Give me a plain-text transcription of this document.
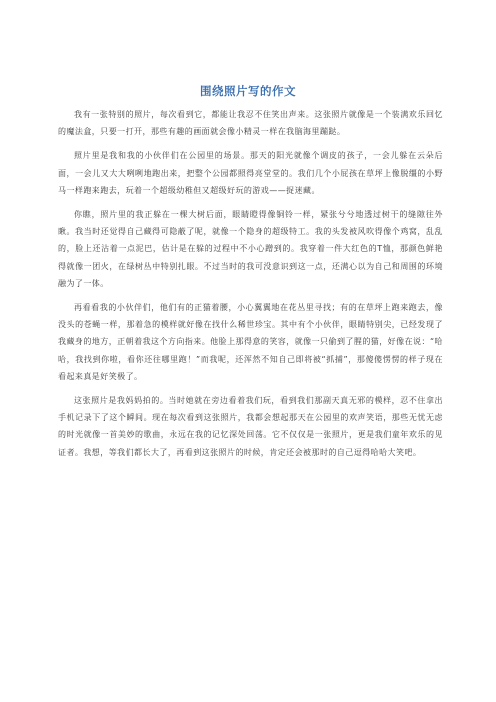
围绕照片写的作文

我有一张特别的照片，每次看到它，都能让我忍不住笑出声来。这张照片就像是一个装满欢乐回忆的魔法盒，只要一打开，那些有趣的画面就会像小精灵一样在我脑海里蹦跶。

照片里是我和我的小伙伴们在公园里的场景。那天的阳光就像个调皮的孩子，一会儿躲在云朵后面，一会儿又大大咧咧地跑出来，把整个公园都照得亮堂堂的。我们几个小屁孩在草坪上像脱缰的小野马一样跑来跑去，玩着一个超级幼稚但又超级好玩的游戏——捉迷藏。

你瞧，照片里的我正躲在一棵大树后面，眼睛瞪得像铜铃一样，紧张兮兮地透过树干的缝隙往外瞅。我当时还觉得自己藏得可隐蔽了呢，就像一个隐身的超级特工。我的头发被风吹得像个鸡窝，乱乱的，脸上还沾着一点泥巴，估计是在躲的过程中不小心蹭到的。我穿着一件大红色的T恤，那颜色鲜艳得就像一团火，在绿树丛中特别扎眼。不过当时的我可没意识到这一点，还满心以为自己和周围的环境融为了一体。

再看看我的小伙伴们，他们有的正猫着腰，小心翼翼地在花丛里寻找；有的在草坪上跑来跑去，像没头的苍蝇一样，那着急的模样就好像在找什么稀世珍宝。其中有个小伙伴，眼睛特别尖，已经发现了我藏身的地方，正朝着我这个方向指来。他脸上那得意的笑容，就像一只偷到了腥的猫，好像在说：“哈哈，我找到你啦，看你还往哪里跑！”而我呢，还浑然不知自己即将被“抓捕”，那傻傻愣愣的样子现在看起来真是好笑极了。

这张照片是我妈妈拍的。当时她就在旁边看着我们玩，看到我们那副天真无邪的模样，忍不住拿出手机记录下了这个瞬间。现在每次看到这张照片，我都会想起那天在公园里的欢声笑语，那些无忧无虑的时光就像一首美妙的歌曲，永远在我的记忆深处回荡。它不仅仅是一张照片，更是我们童年欢乐的见证者。我想，等我们都长大了，再看到这张照片的时候，肯定还会被那时的自己逗得哈哈大笑吧。
